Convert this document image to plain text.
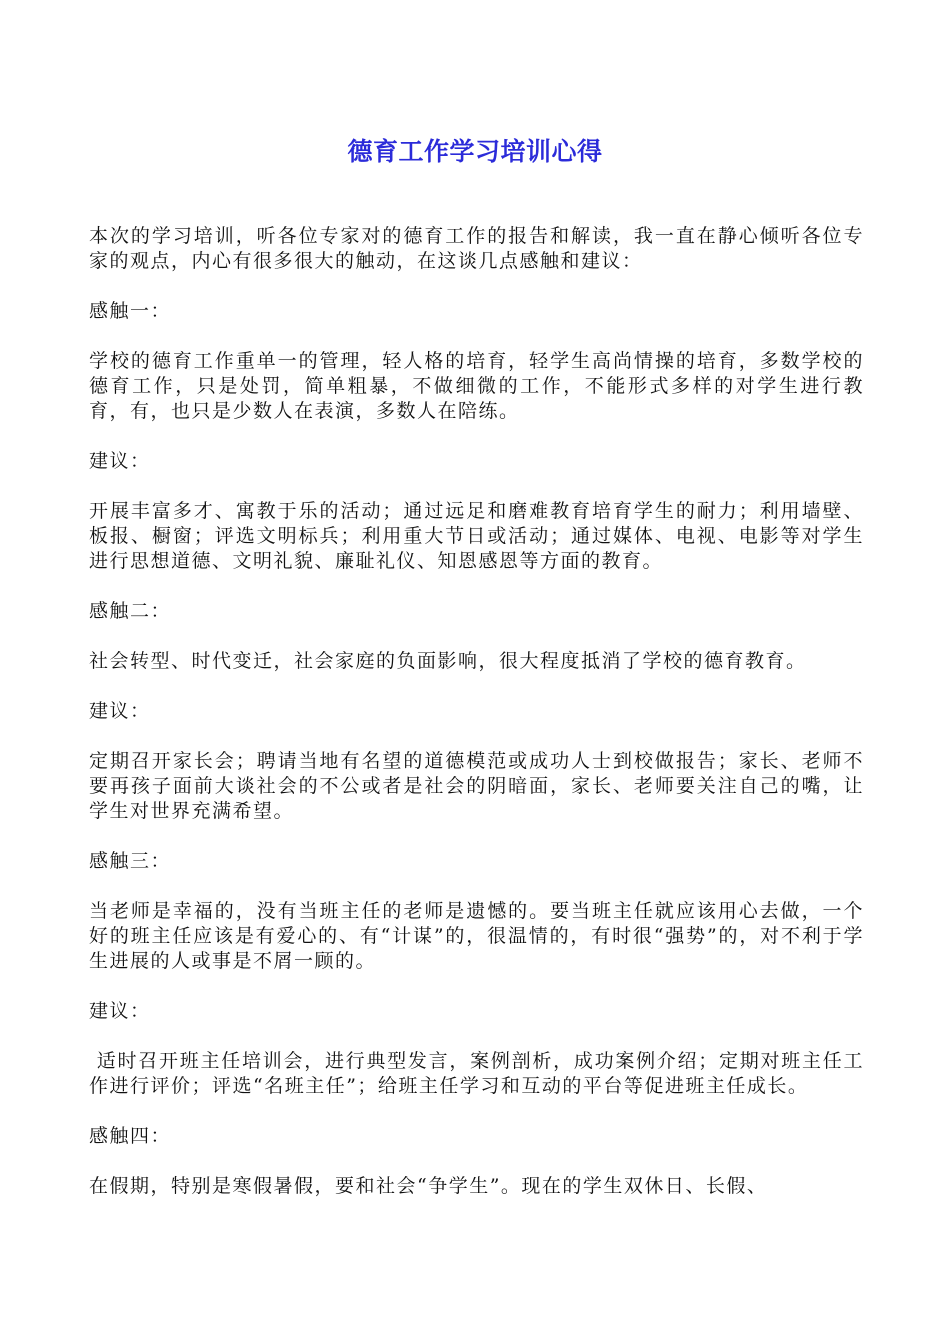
德育工作学习培训心得

本次的学习培训，听各位专家对的德育工作的报告和解读，我一直在静心倾听各位专家的观点，内心有很多很大的触动，在这谈几点感触和建议：

感触一：

学校的德育工作重单一的管理，轻人格的培育，轻学生高尚情操的培育，多数学校的德育工作，只是处罚，简单粗暴，不做细微的工作，不能形式多样的对学生进行教育，有，也只是少数人在表演，多数人在陪练。

建议：

开展丰富多才、寓教于乐的活动；通过远足和磨难教育培育学生的耐力；利用墙壁、板报、橱窗；评选文明标兵；利用重大节日或活动；通过媒体、电视、电影等对学生进行思想道德、文明礼貌、廉耻礼仪、知恩感恩等方面的教育。

感触二：

社会转型、时代变迁，社会家庭的负面影响，很大程度抵消了学校的德育教育。

建议：

定期召开家长会；聘请当地有名望的道德模范或成功人士到校做报告；家长、老师不要再孩子面前大谈社会的不公或者是社会的阴暗面，家长、老师要关注自己的嘴，让学生对世界充满希望。

感触三：

当老师是幸福的，没有当班主任的老师是遗憾的。要当班主任就应该用心去做，一个好的班主任应该是有爱心的、有“计谋”的，很温情的，有时很“强势”的，对不利于学生进展的人或事是不屑一顾的。

建议：

适时召开班主任培训会，进行典型发言，案例剖析，成功案例介绍；定期对班主任工作进行评价；评选“名班主任”；给班主任学习和互动的平台等促进班主任成长。

感触四：

在假期，特别是寒假暑假，要和社会“争学生”。现在的学生双休日、长假、
